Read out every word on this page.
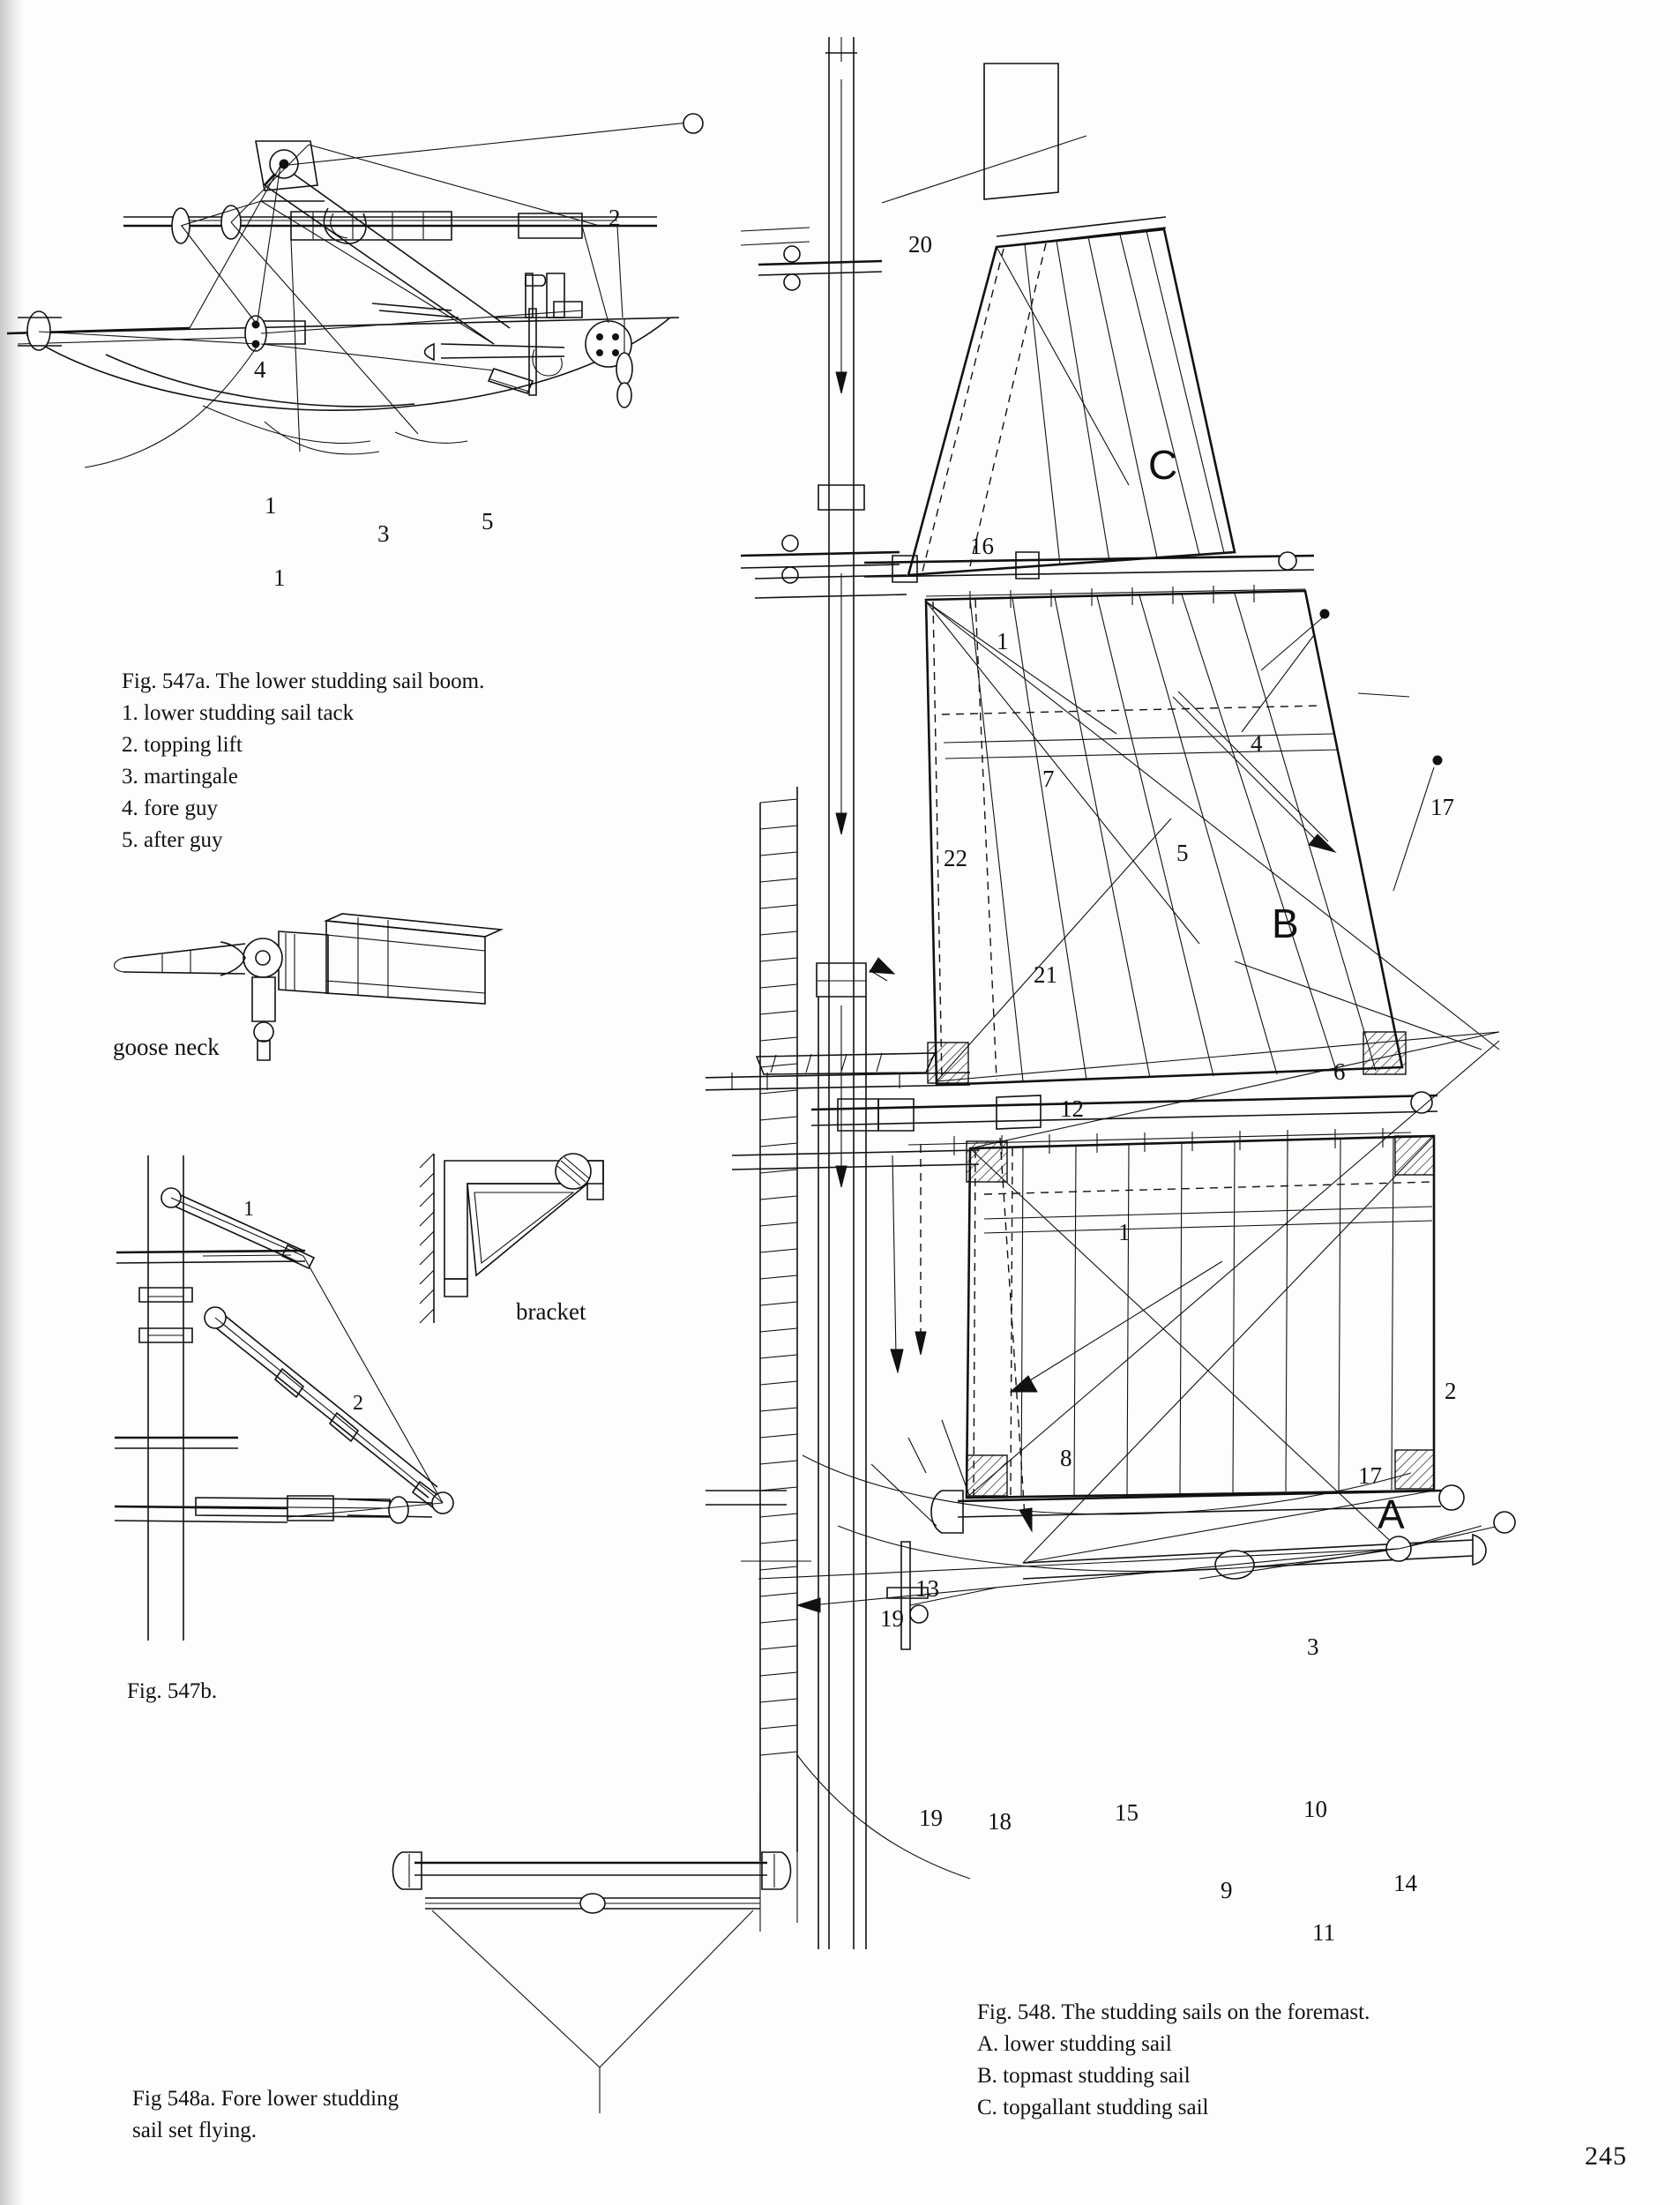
2
4
1
3	5
1
Fig. 547a. The lower studding sail boom.
1. lower studding sail tack
2. topping lift
3. martingale
4. fore guy
5. after guy
goose neck
bracket
1
2
Fig. 547b.
Fig 548a. Fore lower studding
sail set flying.
20
16
1
C
4
17
7
5
22
21
B
6
12
1
2
8
17
A
3
13
19
19 18	15	10
9	14
11
Fig. 548. The studding sails on the foremast.
A. lower studding sail
B. topmast studding sail
C. topgallant studding sail
245
